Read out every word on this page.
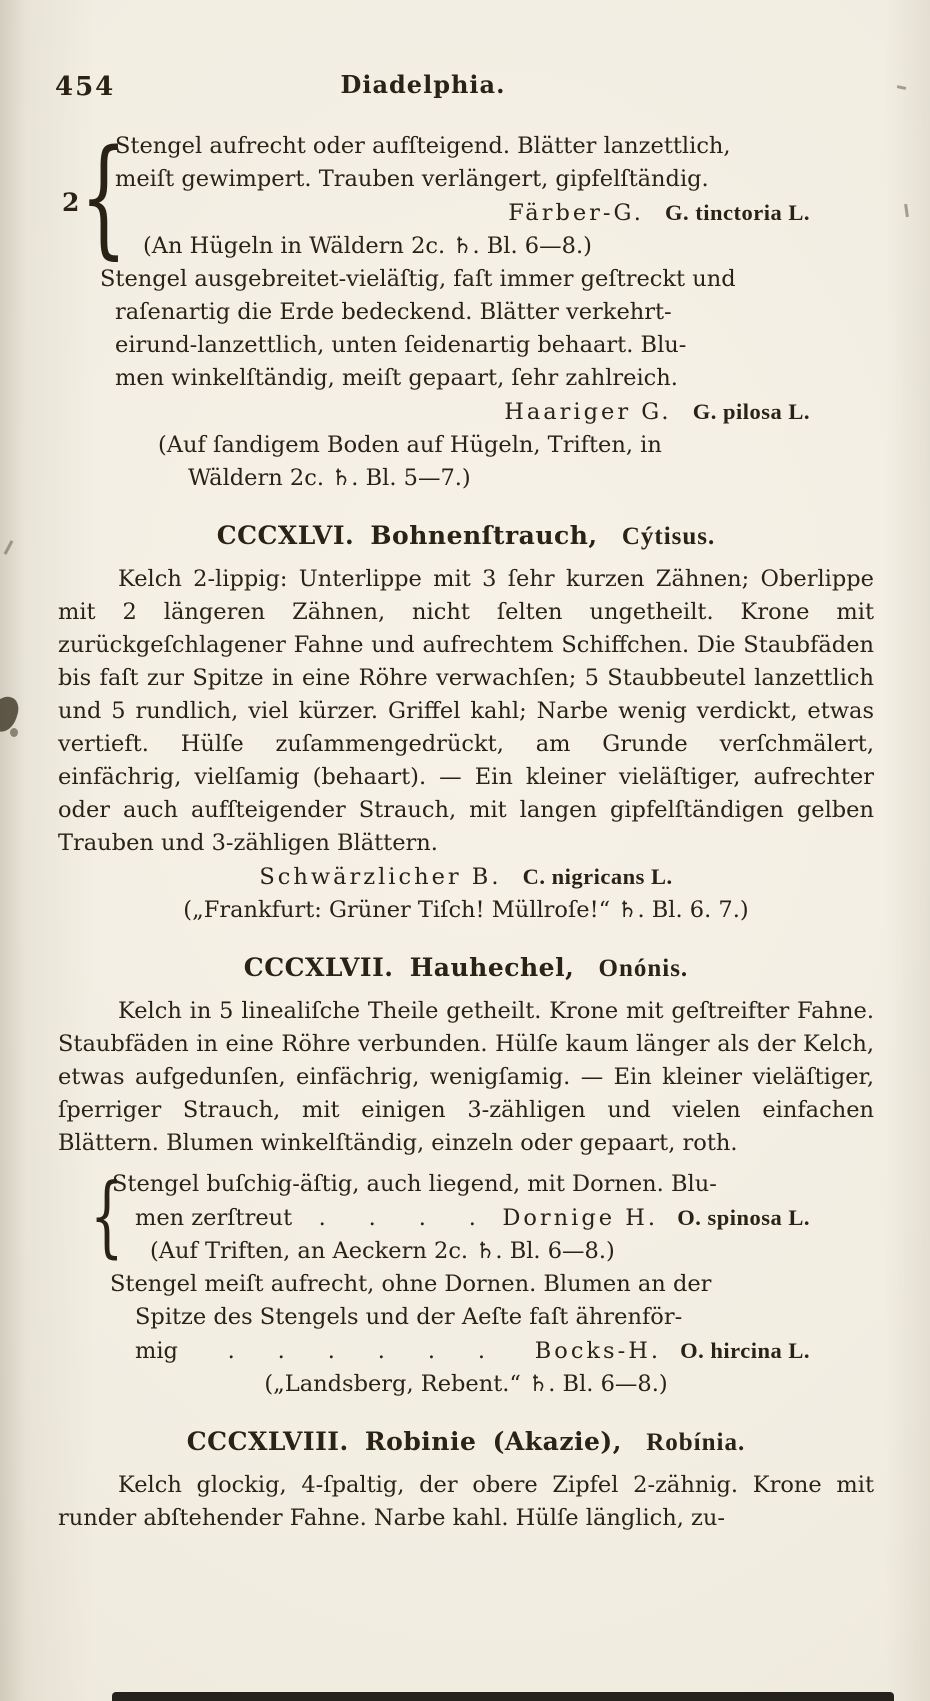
454	Diadelphia.
2 {
Stengel aufrecht oder aufſteigend. Blätter lanzettlich,
meiſt gewimpert. Trauben verlängert, gipfelſtändig.
Färber-G. G. tinctoria L.
(An Hügeln in Wäldern 2c. ♄. Bl. 6—8.)
Stengel ausgebreitet-vieläſtig, faſt immer geſtreckt und
raſenartig die Erde bedeckend. Blätter verkehrt-
eirund-lanzettlich, unten ſeidenartig behaart. Blu-
men winkelſtändig, meiſt gepaart, ſehr zahlreich.
Haariger G. G. pilosa L.
(Auf ſandigem Boden auf Hügeln, Triften, in
Wäldern 2c. ♄. Bl. 5—7.)
CCCXLVI. Bohnenſtrauch, Cýtisus.

Kelch 2-lippig: Unterlippe mit 3 ſehr kurzen Zähnen; Oberlippe mit 2 längeren Zähnen, nicht ſelten ungetheilt. Krone mit zurückgeſchlagener Fahne und aufrechtem Schiffchen. Die Staubfäden bis faſt zur Spitze in eine Röhre verwachſen; 5 Staubbeutel lanzettlich und 5 rundlich, viel kürzer. Griffel kahl; Narbe wenig verdickt, etwas vertieft. Hülſe zuſammengedrückt, am Grunde verſchmälert, einfächrig, vielſamig (behaart). — Ein kleiner vieläſtiger, aufrechter oder auch aufſteigender Strauch, mit langen gipfelſtändigen gelben Trauben und 3-zähligen Blättern.

Schwärzlicher B. C. nigricans L.
(„Frankfurt: Grüner Tiſch! Müllroſe!“ ♄. Bl. 6. 7.)
CCCXLVII. Hauhechel, Onónis.

Kelch in 5 linealiſche Theile getheilt. Krone mit geſtreifter Fahne. Staubfäden in eine Röhre verbunden. Hülſe kaum länger als der Kelch, etwas aufgedunſen, einfächrig, wenigſamig. — Ein kleiner vieläſtiger, ſperriger Strauch, mit einigen 3-zähligen und vielen einfachen Blättern. Blumen winkelſtändig, einzeln oder gepaart, roth.

{
Stengel buſchig-äſtig, auch liegend, mit Dornen. Blu-
men zerſtreut .      .      .      . Dornige H. O. spinosa L.
(Auf Triften, an Aeckern 2c. ♄. Bl. 6—8.)
Stengel meiſt aufrecht, ohne Dornen. Blumen an der
Spitze des Stengels und der Aeſte faſt ährenför-
mig .      .      .      .      .      . Bocks-H. O. hircina L.
(„Landsberg, Rebent.“ ♄. Bl. 6—8.)
CCCXLVIII. Robinie (Akazie), Robínia.

Kelch glockig, 4-ſpaltig, der obere Zipfel 2-zähnig. Krone mit runder abſtehender Fahne. Narbe kahl. Hülſe länglich, zu-
